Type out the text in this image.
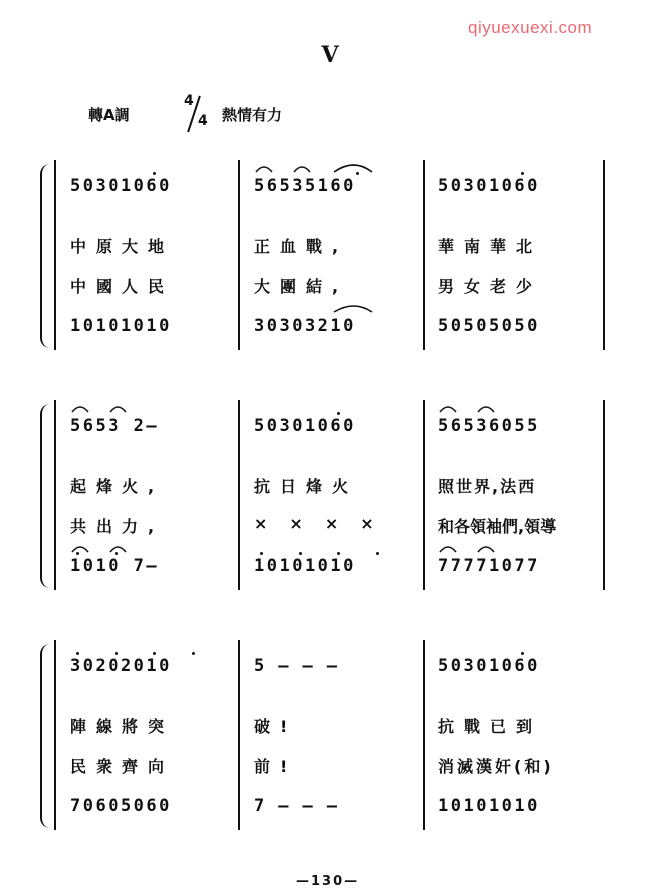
qiyuexuexi.com
V
轉A調
4
4 熱情有力
50301060
中原大地
中國人民
10101010
56535160
正血戰,
大團結,
30303210
50301060
華南華北
男女老少
50505050
5653 2—
起烽火,
共出力,
1010 7—
50301060
抗日烽火
××××
10101010
56536055
照世界,法西
和各領袖們,領導
77771077
30202010
陣線將突
民衆齊向
70605060
5———
破!
前!
7———
50301060
抗戰已到
消滅漢奸(和)
10101010
—130—
